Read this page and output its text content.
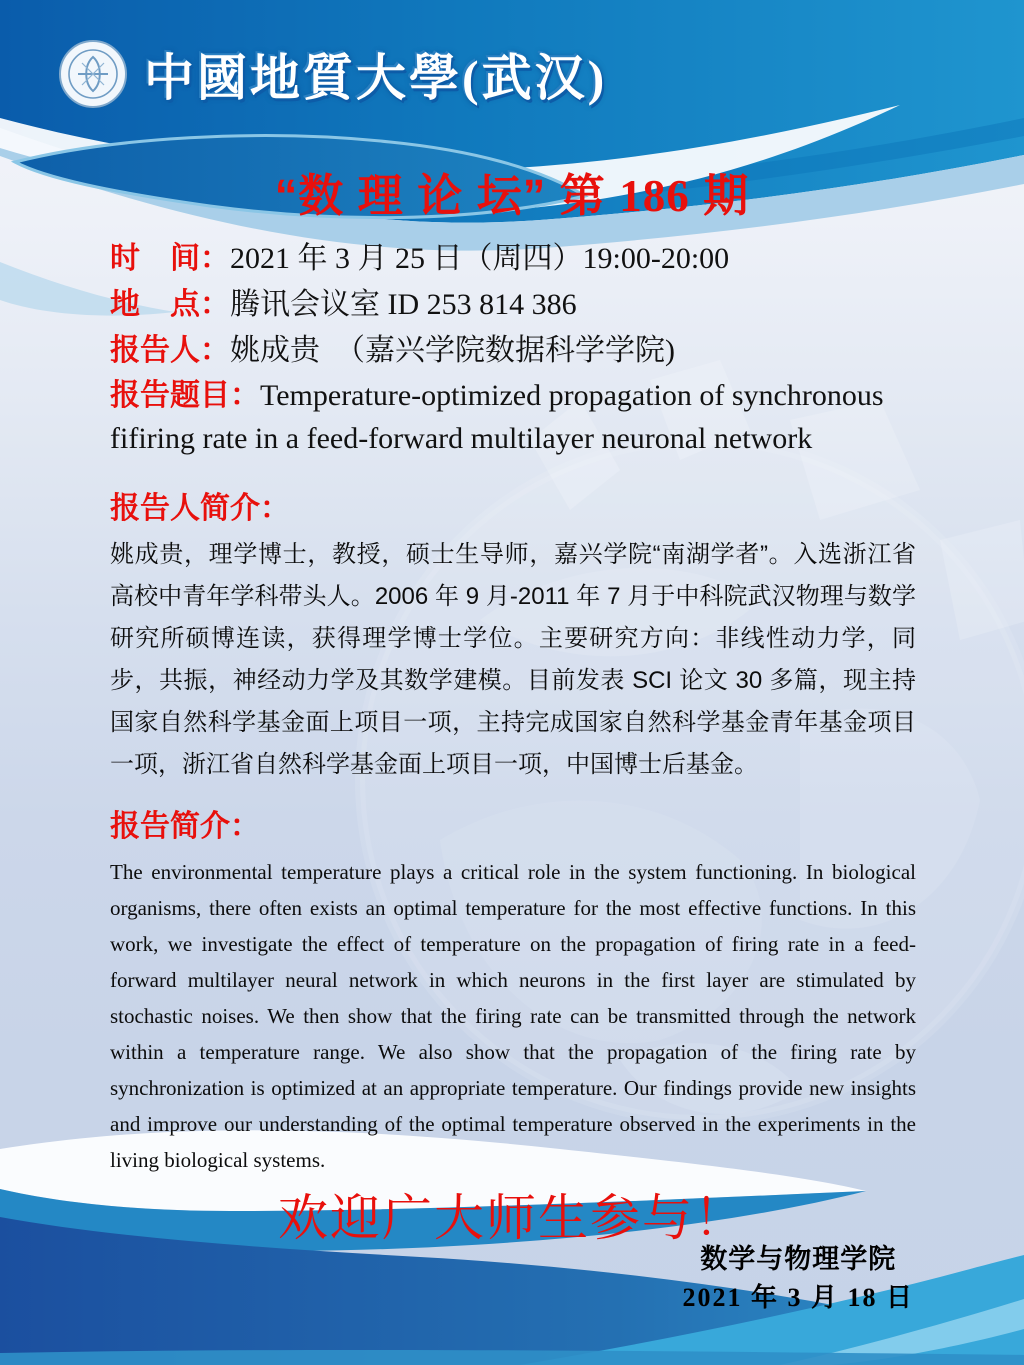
中國地質大學(武汉)
“数 理 论 坛” 第 186 期

时　间：2021 年 3 月 25 日（周四）19:00-20:00

地　点：腾讯会议室 ID 253 814 386

报告人：姚成贵　（嘉兴学院数据科学学院)

报告题目：Temperature-optimized propagation of synchronous fifiring rate in a feed-forward multilayer neuronal network

报告人简介：

姚成贵，理学博士，教授，硕士生导师，嘉兴学院“南湖学者”。入选浙江省高校中青年学科带头人。2006 年 9 月-2011 年 7 月于中科院武汉物理与数学研究所硕博连读，获得理学博士学位。主要研究方向：非线性动力学，同步，共振，神经动力学及其数学建模。目前发表 SCI 论文 30 多篇，现主持国家自然科学基金面上项目一项，主持完成国家自然科学基金青年基金项目一项，浙江省自然科学基金面上项目一项，中国博士后基金。

报告简介：

The environmental temperature plays a critical role in the system functioning. In biological organisms, there often exists an optimal temperature for the most effective functions. In this work, we investigate the effect of temperature on the propagation of firing rate in a feed-forward multilayer neural network in which neurons in the first layer are stimulated by stochastic noises. We then show that the firing rate can be transmitted through the network within a temperature range. We also show that the propagation of the firing rate by synchronization is optimized at an appropriate temperature. Our findings provide new insights and improve our understanding of the optimal temperature observed in the experiments in the living biological systems.

欢迎广大师生参与！
数学与物理学院
2021 年 3 月 18 日
